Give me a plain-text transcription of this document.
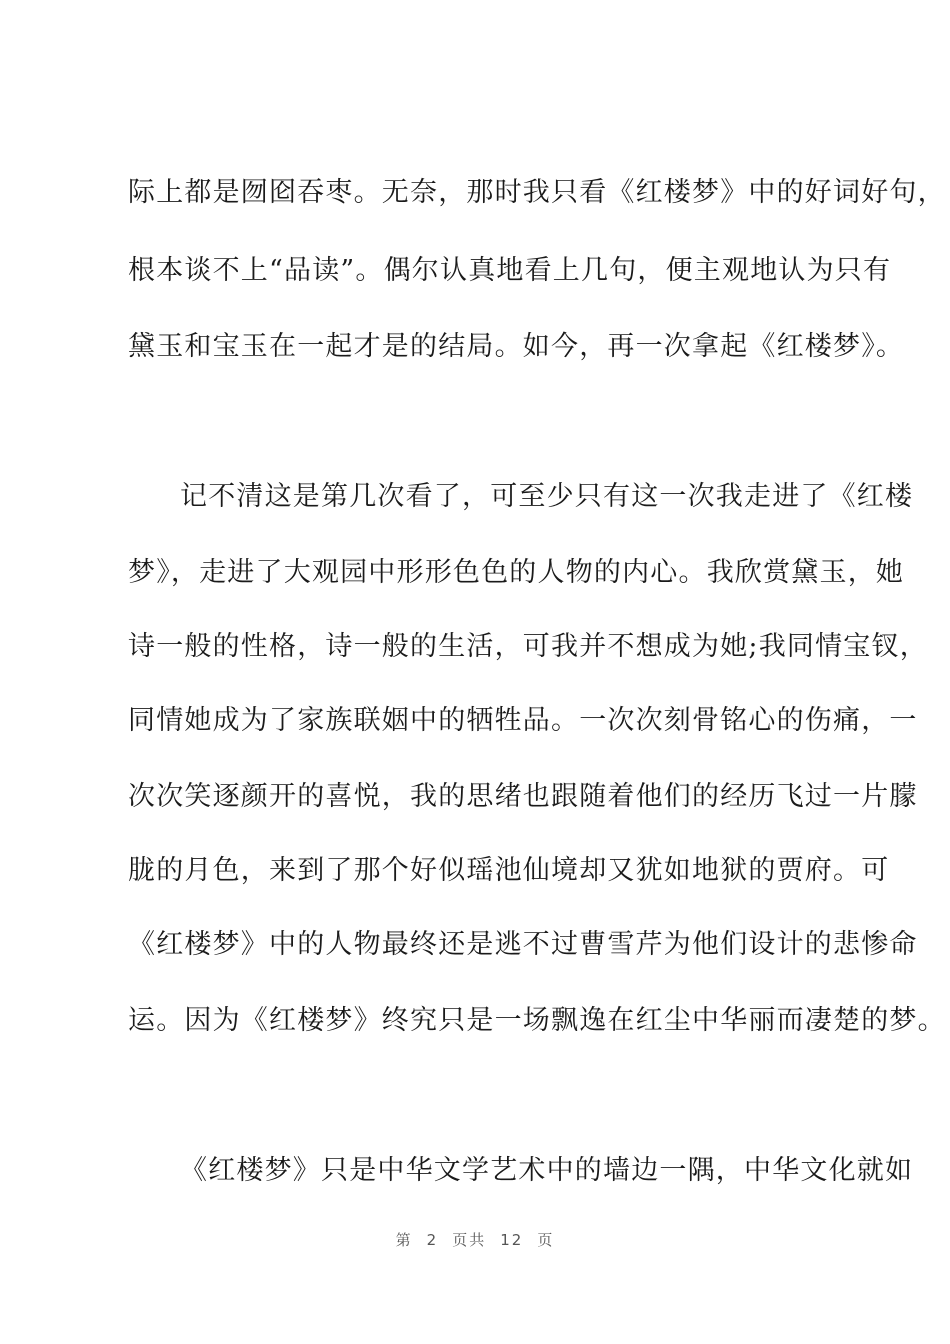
际上都是囫囵吞枣。无奈，那时我只看《红楼梦》中的好词好句，
根本谈不上“品读”。偶尔认真地看上几句，便主观地认为只有
黛玉和宝玉在一起才是的结局。如今，再一次拿起《红楼梦》。
记不清这是第几次看了，可至少只有这一次我走进了《红楼
梦》，走进了大观园中形形色色的人物的内心。我欣赏黛玉，她
诗一般的性格，诗一般的生活，可我并不想成为她;我同情宝钗，
同情她成为了家族联姻中的牺牲品。一次次刻骨铭心的伤痛，一
次次笑逐颜开的喜悦，我的思绪也跟随着他们的经历飞过一片朦
胧的月色，来到了那个好似瑶池仙境却又犹如地狱的贾府。可
《红楼梦》中的人物最终还是逃不过曹雪芹为他们设计的悲惨命
运。因为《红楼梦》终究只是一场飘逸在红尘中华丽而凄楚的梦。
《红楼梦》只是中华文学艺术中的墙边一隅，中华文化就如
第 2 页共 12 页
